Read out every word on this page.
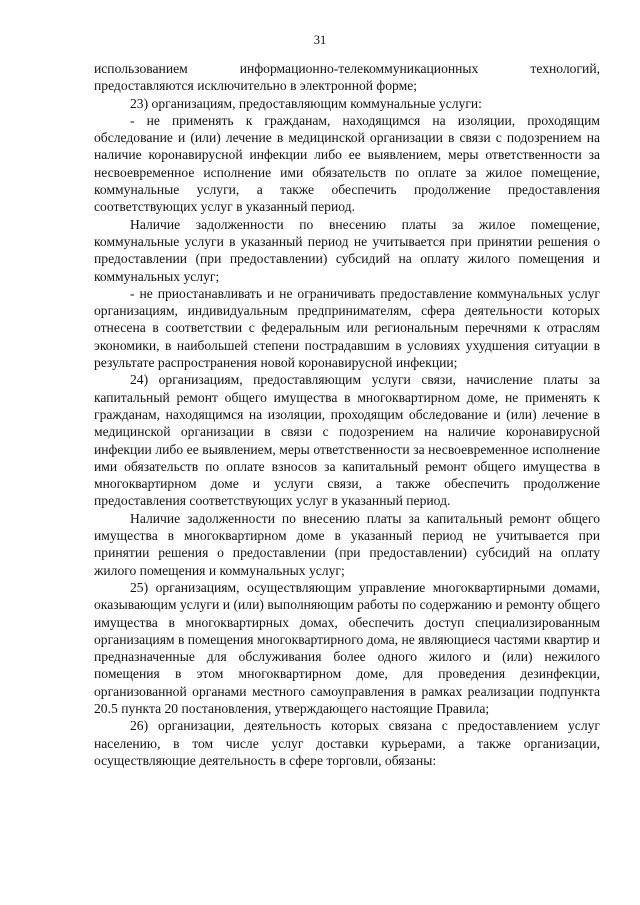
31

использованием информационно-телекоммуникационных технологий, предоставляются исключительно в электронной форме;

23) организациям, предоставляющим коммунальные услуги:

- не применять к гражданам, находящимся на изоляции, проходящим обследование и (или) лечение в медицинской организации в связи с подозрением на наличие коронавирусной инфекции либо ее выявлением, меры ответственности за несвоевременное исполнение ими обязательств по оплате за жилое помещение, коммунальные услуги, а также обеспечить продолжение предоставления соответствующих услуг в указанный период.

Наличие задолженности по внесению платы за жилое помещение, коммунальные услуги в указанный период не учитывается при принятии решения о предоставлении (при предоставлении) субсидий на оплату жилого помещения и коммунальных услуг;

- не приостанавливать и не ограничивать предоставление коммунальных услуг организациям, индивидуальным предпринимателям, сфера деятельности которых отнесена в соответствии с федеральным или региональным перечнями к отраслям экономики, в наибольшей степени пострадавшим в условиях ухудшения ситуации в результате распространения новой коронавирусной инфекции;

24) организациям, предоставляющим услуги связи, начисление платы за капитальный ремонт общего имущества в многоквартирном доме, не применять к гражданам, находящимся на изоляции, проходящим обследование и (или) лечение в медицинской организации в связи с подозрением на наличие коронавирусной инфекции либо ее выявлением, меры ответственности за несвоевременное исполнение ими обязательств по оплате взносов за капитальный ремонт общего имущества в многоквартирном доме и услуги связи, а также обеспечить продолжение предоставления соответствующих услуг в указанный период.

Наличие задолженности по внесению платы за капитальный ремонт общего имущества в многоквартирном доме в указанный период не учитывается при принятии решения о предоставлении (при предоставлении) субсидий на оплату жилого помещения и коммунальных услуг;

25) организациям, осуществляющим управление многоквартирными домами, оказывающим услуги и (или) выполняющим работы по содержанию и ремонту общего имущества в многоквартирных домах, обеспечить доступ специализированным организациям в помещения многоквартирного дома, не являющиеся частями квартир и предназначенные для обслуживания более одного жилого и (или) нежилого помещения в этом многоквартирном доме, для проведения дезинфекции, организованной органами местного самоуправления в рамках реализации подпункта 20.5 пункта 20 постановления, утверждающего настоящие Правила;

26) организации, деятельность которых связана с предоставлением услуг населению, в том числе услуг доставки курьерами, а также организации, осуществляющие деятельность в сфере торговли, обязаны:
